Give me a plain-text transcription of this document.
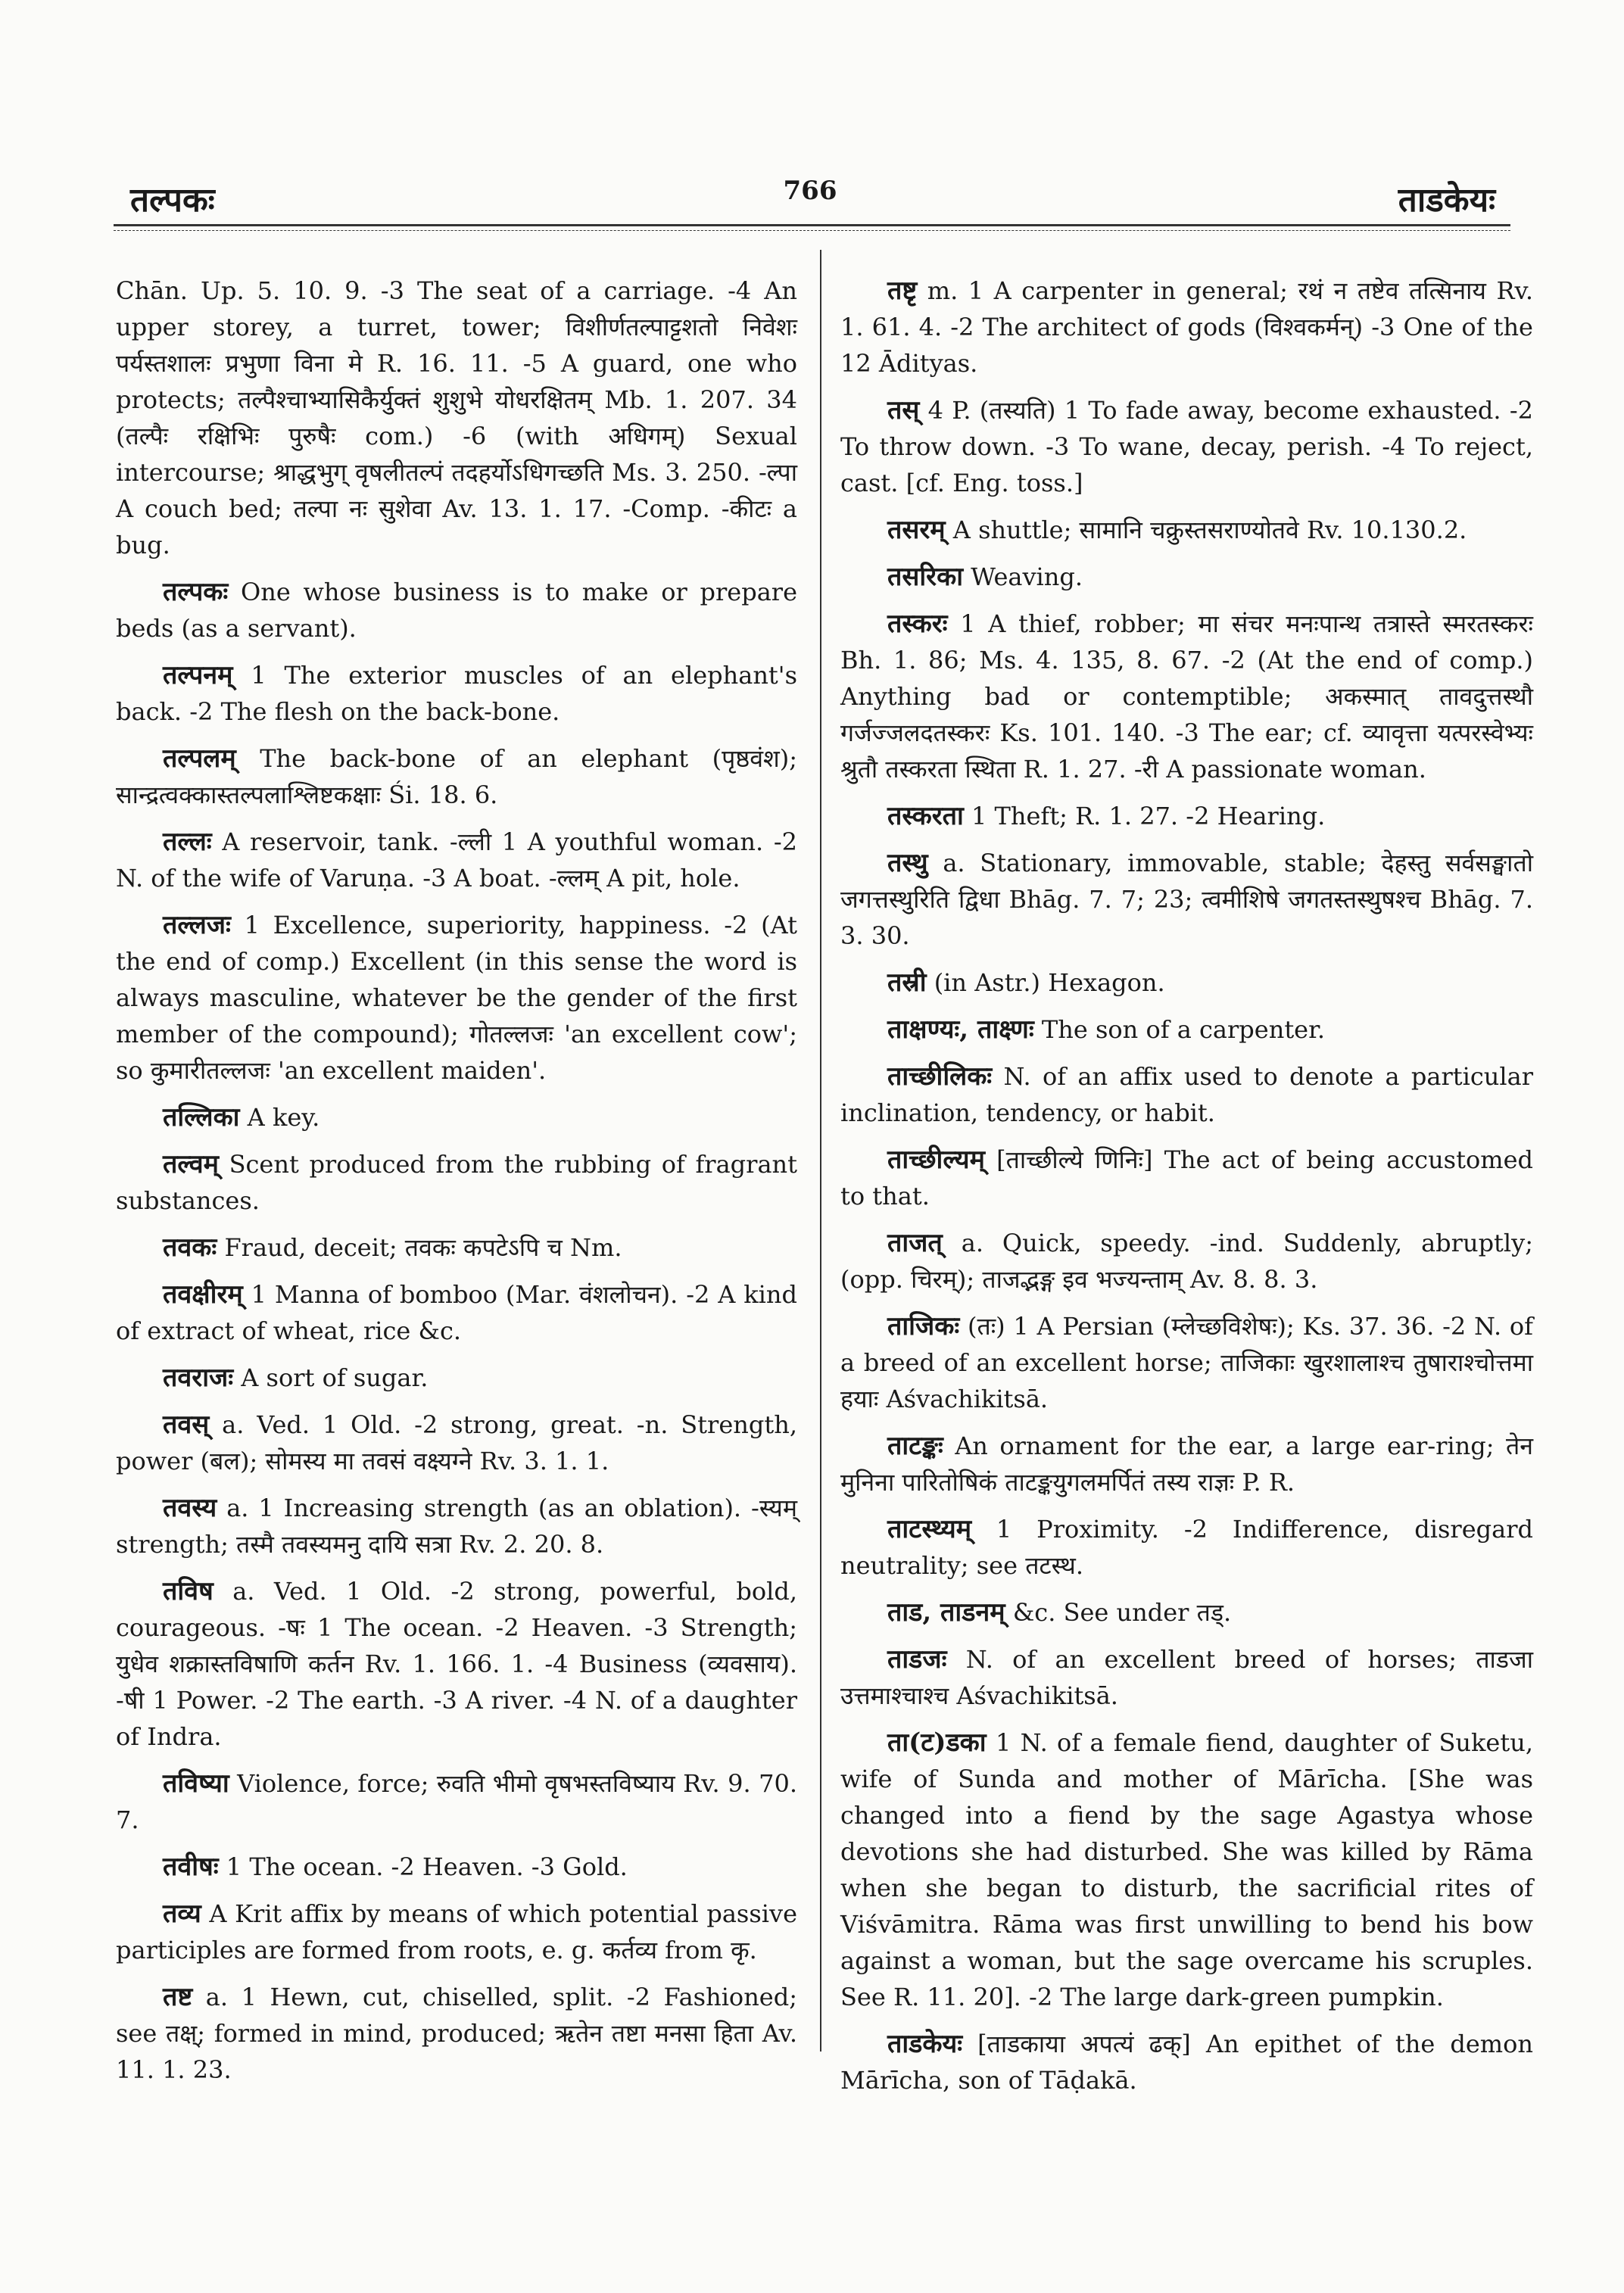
तल्पकः	766	ताडकेयः

Chān. Up. 5. 10. 9. -3 The seat of a carriage. -4 An upper storey, a turret, tower; विशीर्णतल्पाट्टशतो निवेशः पर्यस्तशालः प्रभुणा विना मे R. 16. 11. -5 A guard, one who protects; तल्पैश्चाभ्यासिकैर्युक्तं शुशुभे योधरक्षितम् Mb. 1. 207. 34 (तल्पैः रक्षिभिः पुरुषैः com.) -6 (with अधिगम्) Sexual intercourse; श्राद्धभुग् वृषलीतल्पं तदहर्योऽधिगच्छति Ms. 3. 250. -ल्पा A couch bed; तल्पा नः सुशेवा Av. 13. 1. 17. -Comp. -कीटः a bug.

तल्पकः One whose business is to make or prepare beds (as a servant).

तल्पनम् 1 The exterior muscles of an elephant's back. -2 The flesh on the back-bone.

तल्पलम् The back-bone of an elephant (पृष्ठवंश); सान्द्रत्वक्कास्तल्पलाश्लिष्टकक्षाः Śi. 18. 6.

तल्लः A reservoir, tank. -ल्ली 1 A youthful woman. -2 N. of the wife of Varuṇa. -3 A boat. -ल्लम् A pit, hole.

तल्लजः 1 Excellence, superiority, happiness. -2 (At the end of comp.) Excellent (in this sense the word is always masculine, whatever be the gender of the first member of the compound); गोतल्लजः 'an excellent cow'; so कुमारीतल्लजः 'an excellent maiden'.

तल्लिका A key.

तल्वम् Scent produced from the rubbing of fragrant substances.

तवकः Fraud, deceit; तवकः कपटेऽपि च Nm.

तवक्षीरम् 1 Manna of bomboo (Mar. वंशलोचन). -2 A kind of extract of wheat, rice &c.

तवराजः A sort of sugar.

तवस् a. Ved. 1 Old. -2 strong, great. -n. Strength, power (बल); सोमस्य मा तवसं वक्ष्यग्ने Rv. 3. 1. 1.

तवस्य a. 1 Increasing strength (as an oblation). -स्यम् strength; तस्मै तवस्यमनु दायि सत्रा Rv. 2. 20. 8.

तविष a. Ved. 1 Old. -2 strong, powerful, bold, courageous. -षः 1 The ocean. -2 Heaven. -3 Strength; युधेव शक्रास्तविषाणि कर्तन Rv. 1. 166. 1. -4 Business (व्यवसाय). -षी 1 Power. -2 The earth. -3 A river. -4 N. of a daughter of Indra.

तविष्या Violence, force; रुवति भीमो वृषभस्तविष्याय Rv. 9. 70. 7.

तवीषः 1 The ocean. -2 Heaven. -3 Gold.

तव्य A Krit affix by means of which potential passive participles are formed from roots, e. g. कर्तव्य from कृ.

तष्ट a. 1 Hewn, cut, chiselled, split. -2 Fashioned; see तक्ष्; formed in mind, produced; ऋतेन तष्टा मनसा हिता Av. 11. 1. 23.

तष्टृ m. 1 A carpenter in general; रथं न तष्टेव तत्सिनाय Rv. 1. 61. 4. -2 The architect of gods (विश्वकर्मन्) -3 One of the 12 Ādityas.

तस् 4 P. (तस्यति) 1 To fade away, become exhausted. -2 To throw down. -3 To wane, decay, perish. -4 To reject, cast. [cf. Eng. toss.]

तसरम् A shuttle; सामानि चक्रुस्तसराण्योतवे Rv. 10.130.2.

तसरिका Weaving.

तस्करः 1 A thief, robber; मा संचर मनःपान्थ तत्रास्ते स्मरतस्करः Bh. 1. 86; Ms. 4. 135, 8. 67. -2 (At the end of comp.) Anything bad or contemptible; अकस्मात् तावदुत्तस्थौ गर्जज्जलदतस्करः Ks. 101. 140. -3 The ear; cf. व्यावृत्ता यत्परस्वेभ्यः श्रुतौ तस्करता स्थिता R. 1. 27. -री A passionate woman.

तस्करता 1 Theft; R. 1. 27. -2 Hearing.

तस्थु a. Stationary, immovable, stable; देहस्तु सर्वसङ्घातो जगत्तस्थुरिति द्विधा Bhāg. 7. 7; 23; त्वमीशिषे जगतस्तस्थुषश्च Bhāg. 7. 3. 30.

तस्री (in Astr.) Hexagon.

ताक्षण्यः, ताक्ष्णः The son of a carpenter.

ताच्छीलिकः N. of an affix used to denote a particular inclination, tendency, or habit.

ताच्छील्यम् [ताच्छील्ये णिनिः] The act of being accustomed to that.

ताजत् a. Quick, speedy. -ind. Suddenly, abruptly; (opp. चिरम्); ताजद्भङ्ग इव भज्यन्ताम् Av. 8. 8. 3.

ताजिकः (तः) 1 A Persian (म्लेच्छविशेषः); Ks. 37. 36. -2 N. of a breed of an excellent horse; ताजिकाः खुरशालाश्च तुषाराश्चोत्तमा हयाः Aśvachikitsā.

ताटङ्कः An ornament for the ear, a large ear-ring; तेन मुनिना पारितोषिकं ताटङ्कयुगलमर्पितं तस्य राज्ञः P. R.

ताटस्थ्यम् 1 Proximity. -2 Indifference, disregard neutrality; see तटस्थ.

ताड, ताडनम् &c. See under तड्.

ताडजः N. of an excellent breed of horses; ताडजा उत्तमाश्चाश्च Aśvachikitsā.

ता(ट)डका 1 N. of a female fiend, daughter of Suketu, wife of Sunda and mother of Mārīcha. [She was changed into a fiend by the sage Agastya whose devotions she had disturbed. She was killed by Rāma when she began to disturb, the sacrificial rites of Viśvāmitra. Rāma was first unwilling to bend his bow against a woman, but the sage overcame his scruples. See R. 11. 20]. -2 The large dark-green pumpkin.

ताडकेयः [ताडकाया अपत्यं ढक्] An epithet of the demon Mārīcha, son of Tāḍakā.
